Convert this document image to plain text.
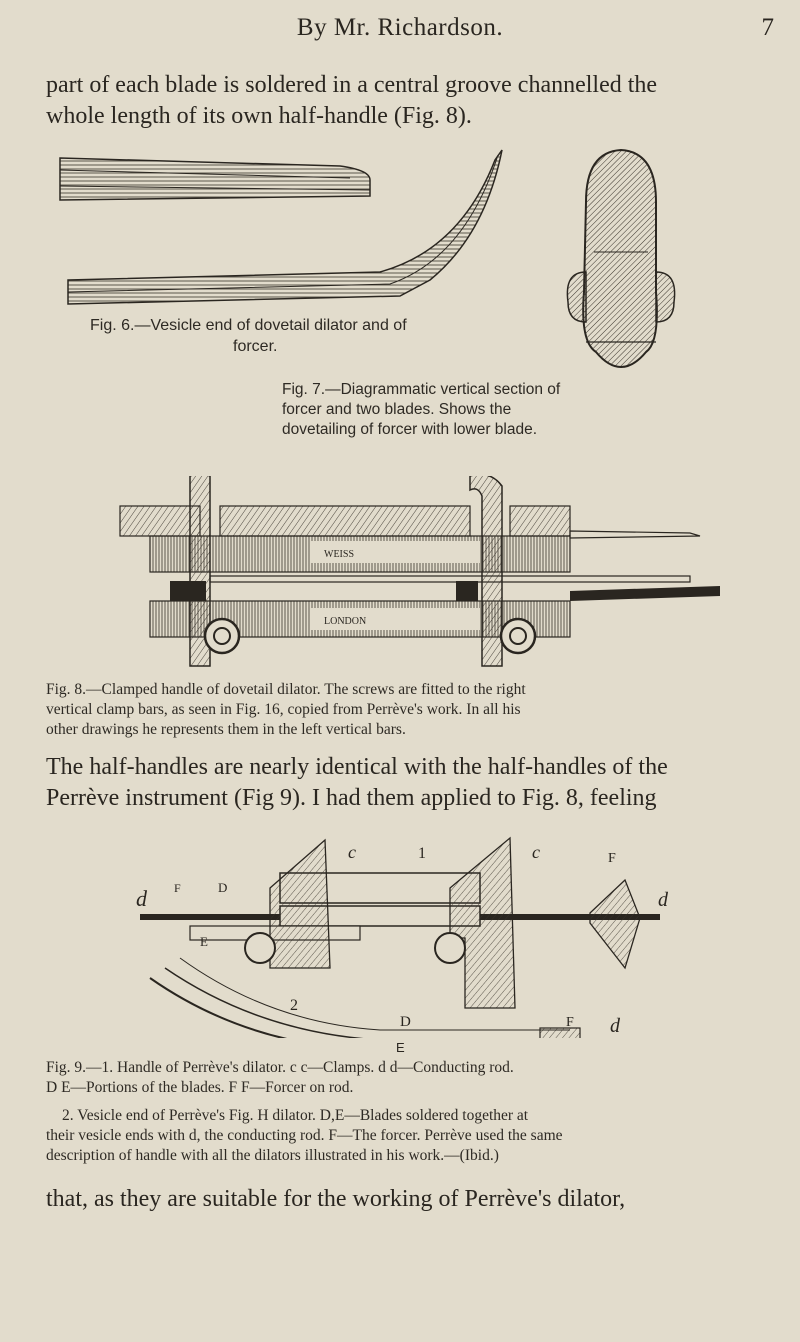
By Mr. Richardson.	7
part of each blade is soldered in a central groove channelled the
whole length of its own half-handle (Fig. 8).
Fig. 6.—Vesicle end of dovetail dilator and of
forcer.
Fig. 7.—Diagrammatic vertical section of
forcer and two blades. Shows the
dovetailing of forcer with lower blade.
WEISS
LONDON
Fig. 8.—Clamped handle of dovetail dilator. The screws are fitted to the right
vertical clamp bars, as seen in Fig. 16, copied from Perrève's work. In all his
other drawings he represents them in the left vertical bars.
The half-handles are nearly identical with the half-handles of the
Perrève instrument (Fig 9). I had them applied to Fig. 8, feeling
c	1	c	F
d F	D
d
E
2
D	F d
E
Fig. 9.—1. Handle of Perrève's dilator. c c—Clamps. d d—Conducting rod.
D E—Portions of the blades. F F—Forcer on rod.
2. Vesicle end of Perrève's Fig. H dilator. D,E—Blades soldered together at
their vesicle ends with d, the conducting rod. F—The forcer. Perrève used the same
description of handle with all the dilators illustrated in his work.—(Ibid.)
that, as they are suitable for the working of Perrève's dilator,
